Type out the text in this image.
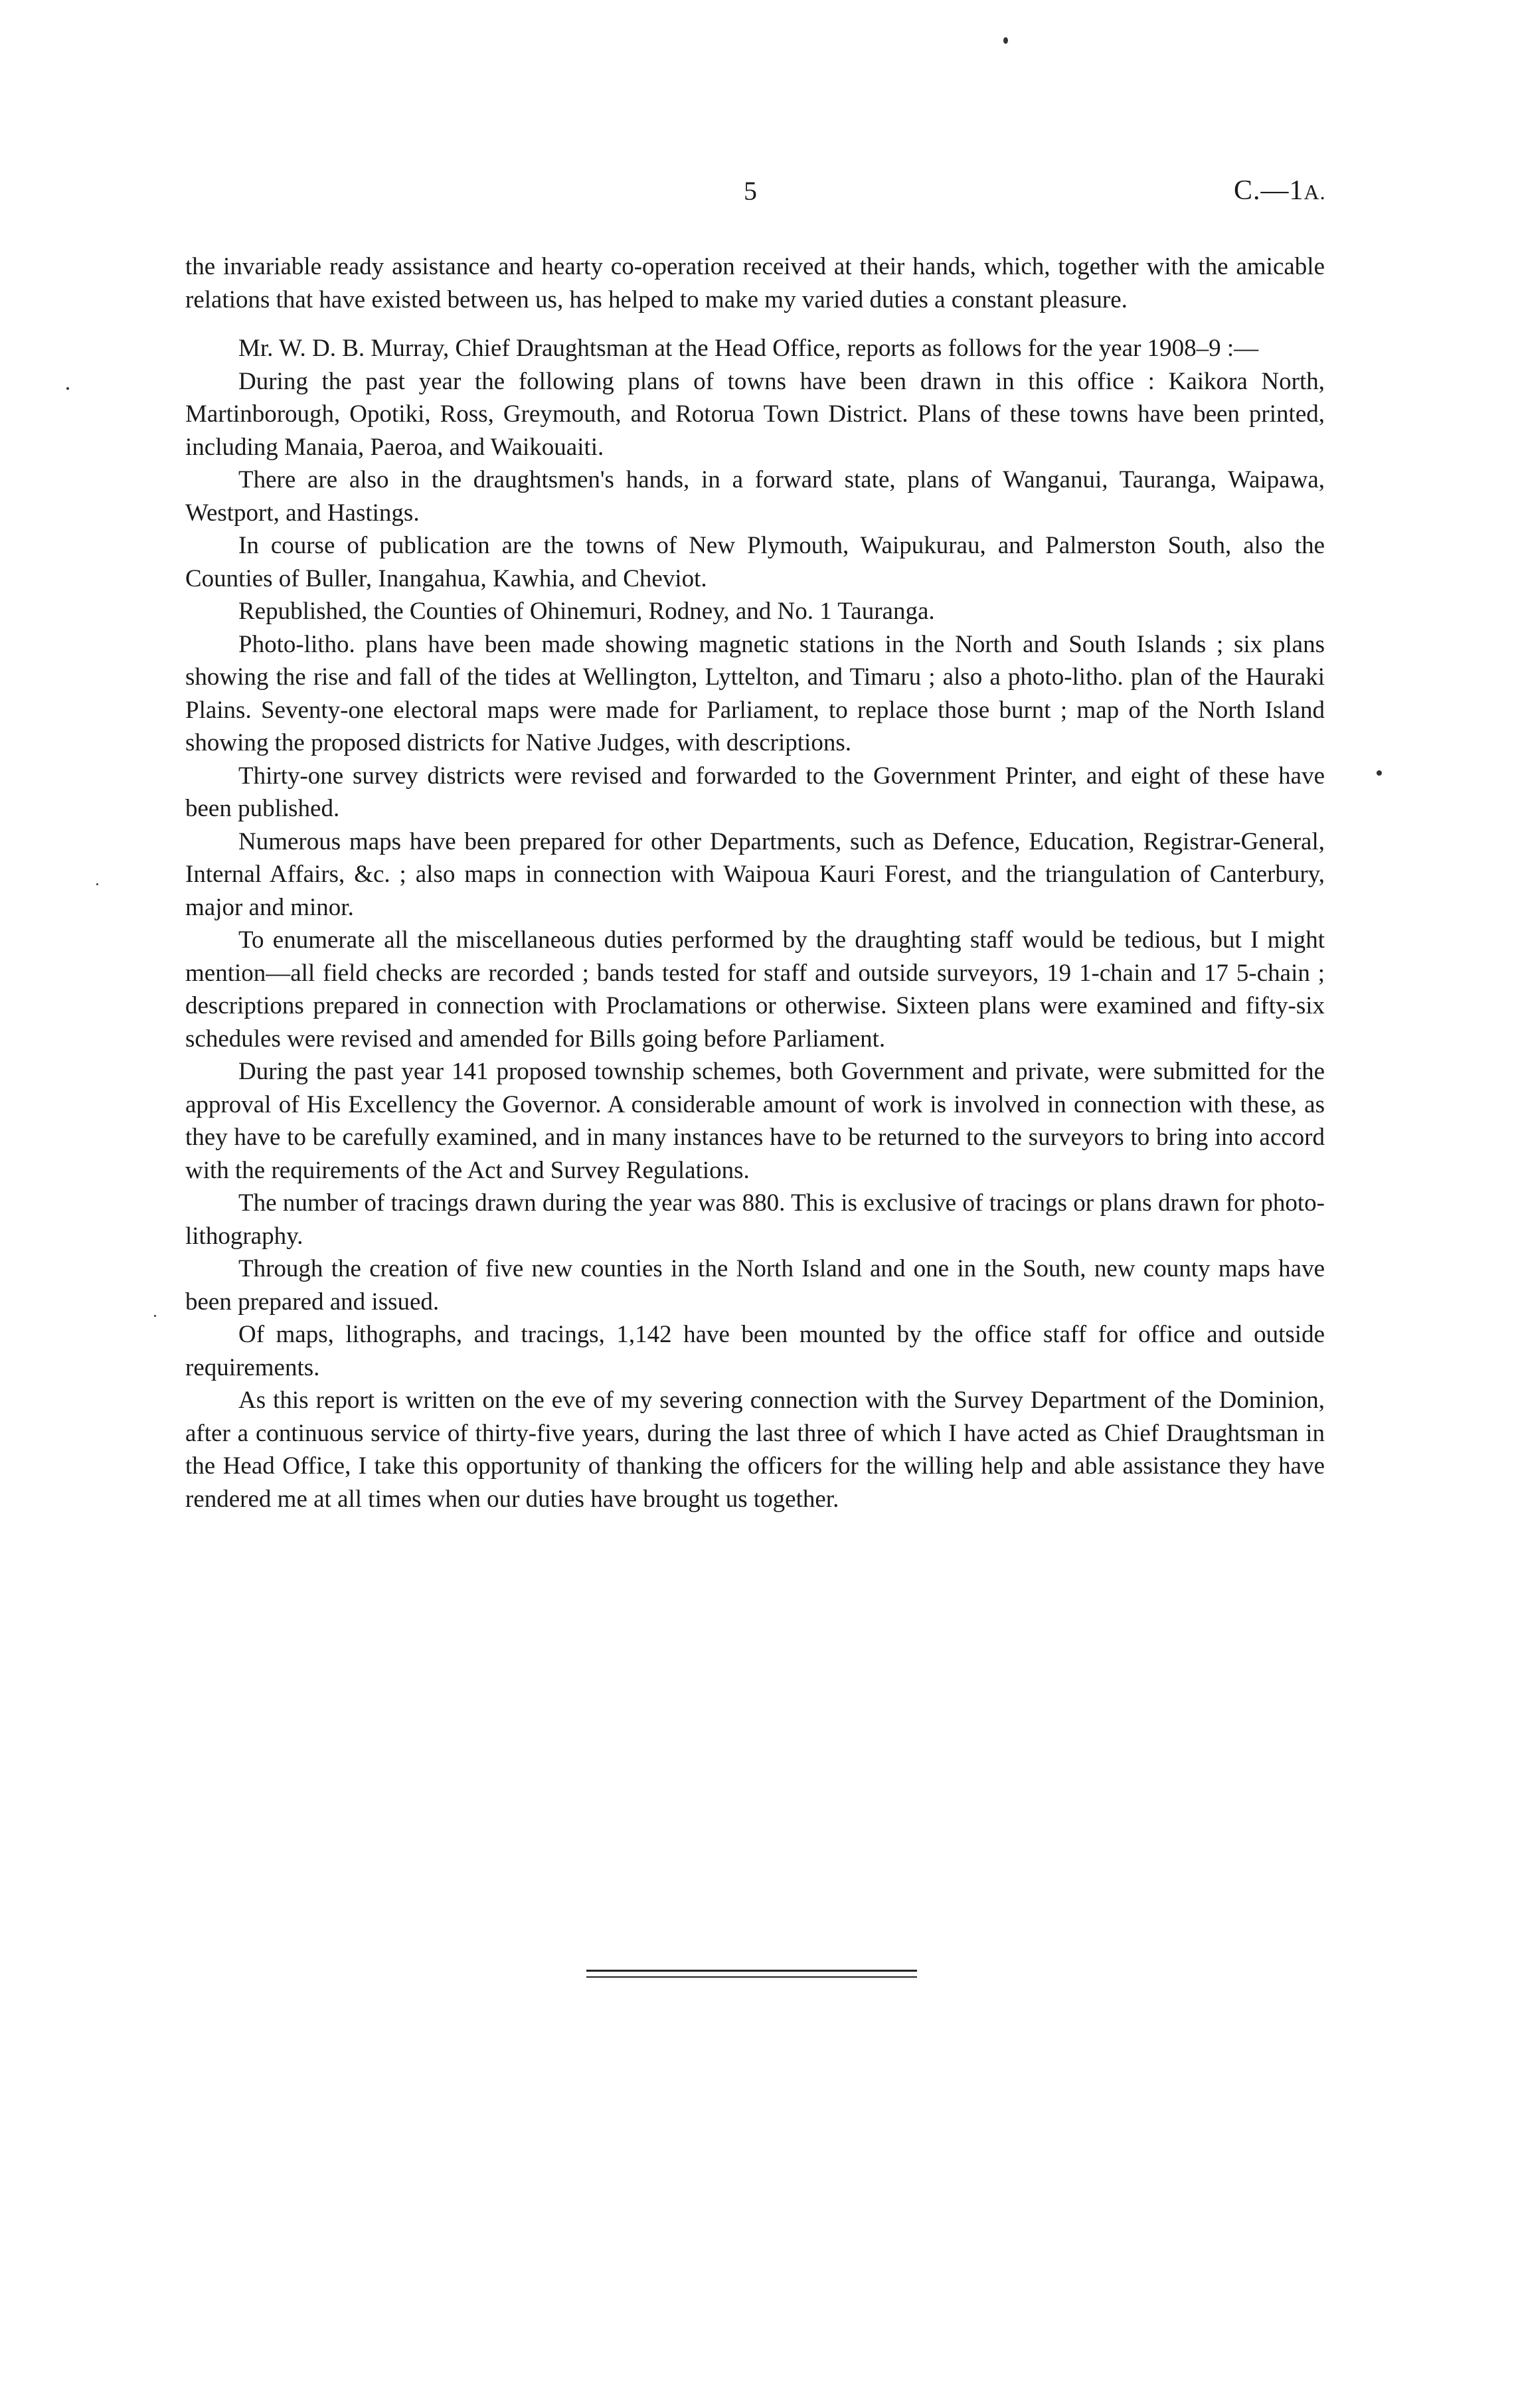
5	C.—1A.

the invariable ready assistance and hearty co-operation received at their hands, which, together with the amicable relations that have existed between us, has helped to make my varied duties a constant pleasure.

Mr. W. D. B. Murray, Chief Draughtsman at the Head Office, reports as follows for the year 1908–9 :—

During the past year the following plans of towns have been drawn in this office : Kaikora North, Martinborough, Opotiki, Ross, Greymouth, and Rotorua Town District. Plans of these towns have been printed, including Manaia, Paeroa, and Waikouaiti.

There are also in the draughtsmen's hands, in a forward state, plans of Wanganui, Tauranga, Waipawa, Westport, and Hastings.

In course of publication are the towns of New Plymouth, Waipukurau, and Palmerston South, also the Counties of Buller, Inangahua, Kawhia, and Cheviot.

Republished, the Counties of Ohinemuri, Rodney, and No. 1 Tauranga.

Photo-litho. plans have been made showing magnetic stations in the North and South Islands ; six plans showing the rise and fall of the tides at Wellington, Lyttelton, and Timaru ; also a photo-litho. plan of the Hauraki Plains. Seventy-one electoral maps were made for Parliament, to replace those burnt ; map of the North Island showing the proposed districts for Native Judges, with descriptions.

Thirty-one survey districts were revised and forwarded to the Government Printer, and eight of these have been published.

Numerous maps have been prepared for other Departments, such as Defence, Education, Registrar-General, Internal Affairs, &c. ; also maps in connection with Waipoua Kauri Forest, and the triangulation of Canterbury, major and minor.

To enumerate all the miscellaneous duties performed by the draughting staff would be tedious, but I might mention—all field checks are recorded ; bands tested for staff and outside surveyors, 19 1-chain and 17 5-chain ; descriptions prepared in connection with Proclamations or otherwise. Sixteen plans were examined and fifty-six schedules were revised and amended for Bills going before Parliament.

During the past year 141 proposed township schemes, both Government and private, were submitted for the approval of His Excellency the Governor. A considerable amount of work is involved in connection with these, as they have to be carefully examined, and in many instances have to be returned to the surveyors to bring into accord with the requirements of the Act and Survey Regulations.

The number of tracings drawn during the year was 880. This is exclusive of tracings or plans drawn for photo-lithography.

Through the creation of five new counties in the North Island and one in the South, new county maps have been prepared and issued.

Of maps, lithographs, and tracings, 1,142 have been mounted by the office staff for office and outside requirements.

As this report is written on the eve of my severing connection with the Survey Department of the Dominion, after a continuous service of thirty-five years, during the last three of which I have acted as Chief Draughtsman in the Head Office, I take this opportunity of thanking the officers for the willing help and able assistance they have rendered me at all times when our duties have brought us together.
